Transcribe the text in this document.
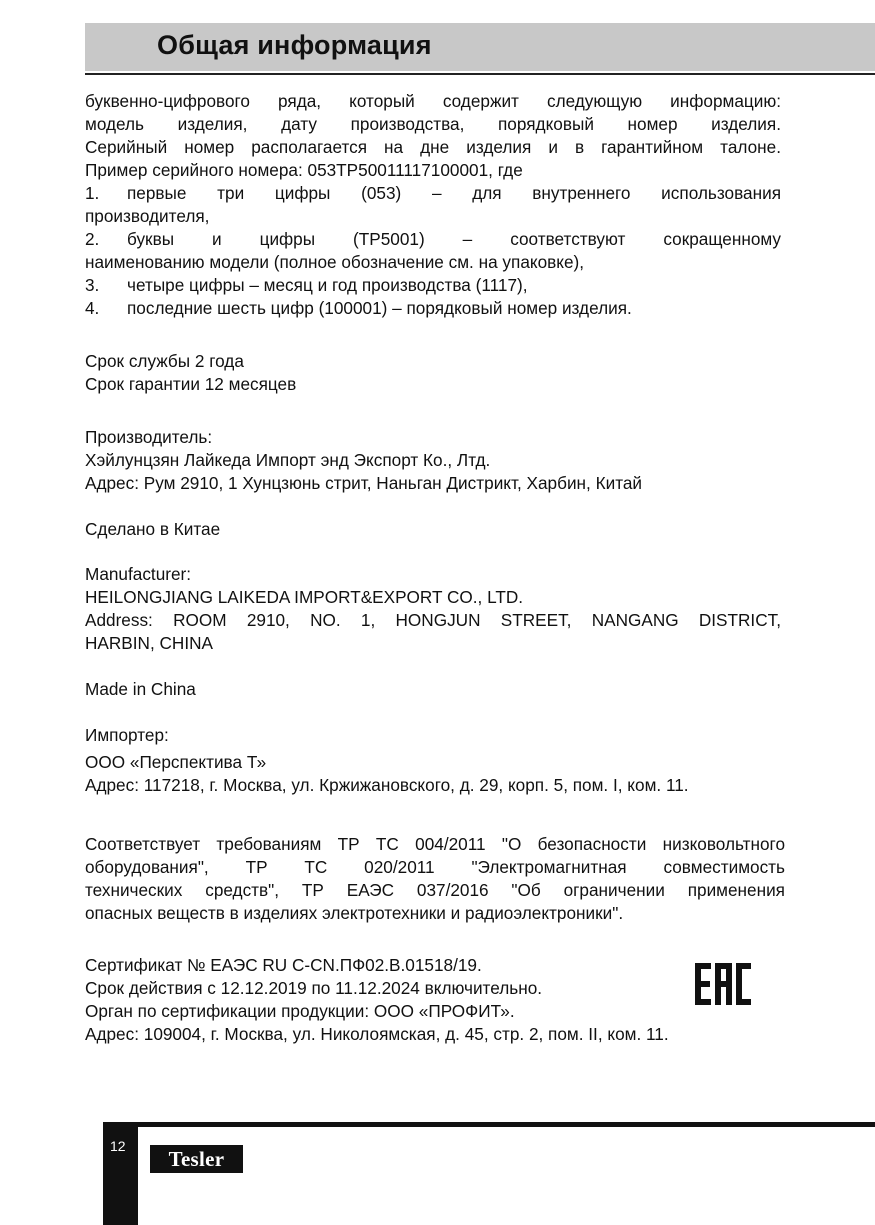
Общая информация

буквенно-цифрового ряда, который содержит следующую информацию:

модель изделия, дату производства, порядковый номер изделия.

Серийный номер располагается на дне изделия и в гарантийном талоне.

Пример серийного номера: 053TP50011117100001, где

1.	первые три цифры (053) – для внутреннего использования

производителя,

2.	буквы и цифры (TP5001) – соответствуют сокращенному

наименованию модели (полное обозначение см. на упаковке),

3.	четыре цифры – месяц и год производства (1117),
4.	последние шесть цифр (100001) – порядковый номер изделия.

Срок службы 2 года

Срок гарантии 12 месяцев

Производитель:

Хэйлунцзян Лайкеда Импорт энд Экспорт Ко., Лтд.

Адрес: Рум 2910, 1 Хунцзюнь стрит, Наньган Дистрикт, Харбин, Китай

Сделано в Китае

Manufacturer:

HEILONGJIANG LAIKEDA IMPORT&EXPORT CO., LTD.

Address: ROOM 2910, NO. 1, HONGJUN STREET, NANGANG DISTRICT,

HARBIN, CHINA

Made in China

Импортер:

ООО «Перспектива Т»

Адрес: 117218, г. Москва, ул. Кржижановского, д. 29, корп. 5, пом. I, ком. 11.

Соответствует требованиям ТР ТС 004/2011 "О безопасности низковольтного

оборудования", ТР ТС 020/2011 "Электромагнитная совместимость

технических средств", ТР ЕАЭС 037/2016 "Об ограничении применения

опасных веществ в изделиях электротехники и радиоэлектроники".

Сертификат № ЕАЭС RU C-CN.ПФ02.В.01518/19.

Срок действия с 12.12.2019 по 11.12.2024 включительно.

Орган по сертификации продукции: ООО «ПРОФИТ».

Адрес: 109004, г. Москва, ул. Николоямская, д. 45, стр. 2, пом. II, ком. 11.

12
Tesler
